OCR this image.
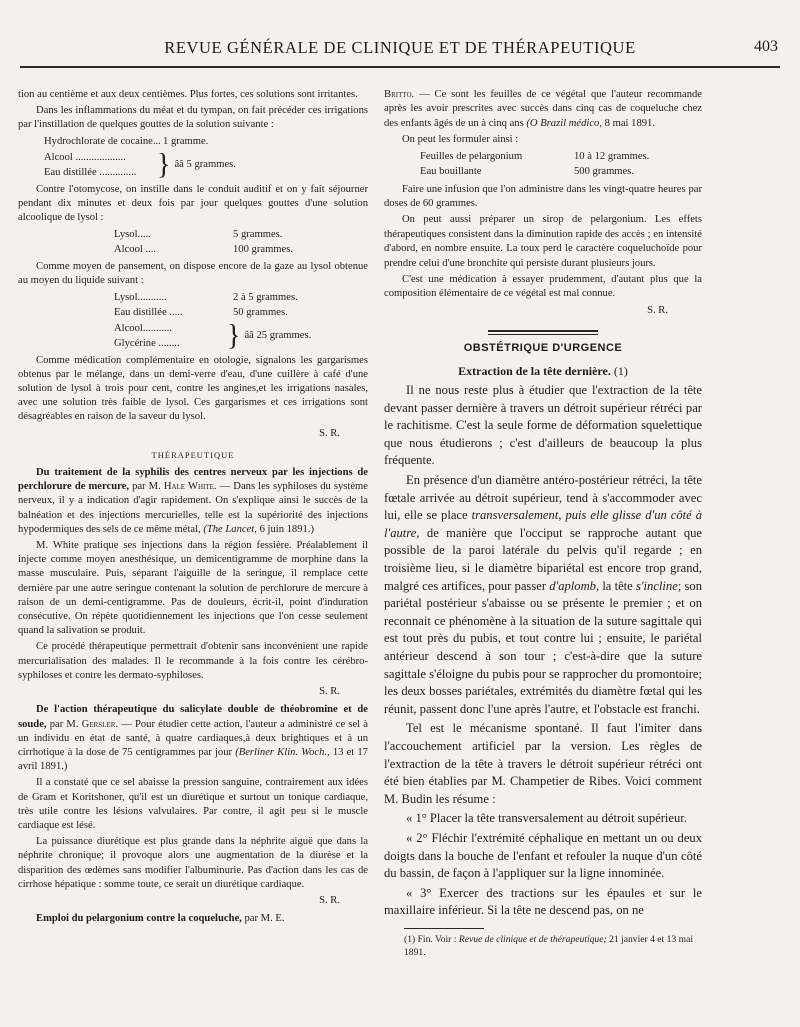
REVUE GÉNÉRALE DE CLINIQUE ET DE THÉRAPEUTIQUE	403

tion au centième et aux deux centièmes. Plus fortes, ces solutions sont irritantes.

Dans les inflammations du méat et du tympan, on fait précéder ces irrigations par l'instillation de quelques gouttes de la solution suivante :

Hydrochlorate de cocaine... 1 gramme.
Alcool ...................
Eau distillée .............. } ââ 5 grammes.

Contre l'otomycose, on instille dans le conduit auditif et on y fait séjourner pendant dix minutes et deux fois par jour quelques gouttes d'une solution alcoolique de lysol :

Lysol.....	5 grammes.
Alcool ....	100 grammes.

Comme moyen de pansement, on dispose encore de la gaze au lysol obtenue au moyen du liquide suivant :

Lysol...........	2 à 5 grammes.
Eau distillée .....	50 grammes.
Alcool...........
Glycérine ........	} ââ 25 grammes.

Comme médication complémentaire en otologie, signalons les gargarismes obtenus par le mélange, dans un demi-verre d'eau, d'une cuillère à café d'une solution de lysol à trois pour cent, contre les angines,et les irrigations nasales, avec une solution très faible de lysol. Ces gargarismes et ces irrigations sont désagréables en raison de la saveur du lysol.

S. R.

THÉRAPEUTIQUE

Du traitement de la syphilis des centres nerveux par les injections de perchlorure de mercure, par M. Hale White. — Dans les syphiloses du système nerveux, il y a indication d'agir rapidement. On s'explique ainsi le succès de la balnéation et des injections mercurielles, telle est la supériorité des injections hypodermiques des sels de ce même métal, (The Lancet, 6 juin 1891.)

M. White pratique ses injections dans la région fessière. Préalablement il injecte comme moyen anesthésique, un demicentigramme de morphine dans la masse musculaire. Puis, séparant l'aiguille de la seringue, il remplace cette dernière par une autre seringue contenant la solution de perchlorure de mercure à raison de un demi-centigramme. Pas de douleurs, écrit-il, point d'induration consécutive. On répète quotidiennement les injections que l'on cesse seulement quand la salivation se produit.

Ce procédé thérapeutique permettrait d'obtenir sans inconvénient une rapide mercurialisation des malades. Il le recommande à la fois contre les cérébro-syphiloses et contre les dermato-syphiloses.

S. R.

De l'action thérapeutique du salicylate double de théobromine et de soude, par M. Gersler. — Pour étudier cette action, l'auteur a administré ce sel à un individu en état de santé, à quatre cardiaques,à deux brightiques et à un cirrhotique à la dose de 75 centigrammes par jour (Berliner Klin. Woch., 13 et 17 avril 1891.)

Il a constaté que ce sel abaisse la pression sanguine, contrairement aux idées de Gram et Koritshoner, qu'il est un diurétique et surtout un tonique cardiaque, très utile contre les lésions valvulaires. Par contre, il agit peu si le muscle cardiaque est lésé.

La puissance diurétique est plus grande dans la néphrite aiguë que dans la néphrite chronique; il provoque alors une augmentation de la diurèse et la disparition des œdèmes sans modifier l'albuminurie. Pas d'action dans les cas de cirrhose hépatique : somme toute, ce serait un diurétique cardiaque.

S. R.

Emploi du pelargonium contre la coqueluche, par M. E.

Britto. — Ce sont les feuilles de ce végétal que l'auteur recommande après les avoir prescrites avec succès dans cinq cas de coqueluche chez des enfants âgés de un à cinq ans (O Brazil médico, 8 mai 1891.

On peut les formuler ainsi :

Feuilles de pelargonium	10 à 12 grammes.
Eau bouillante	500 grammes.

Faire une infusion que l'on administre dans les vingt-quatre heures par doses de 60 grammes.

On peut aussi préparer un sirop de pelargonium. Les effets thérapeutiques consistent dans la diminution rapide des accès ; en intensité d'abord, en nombre ensuite. La toux perd le caractère coqueluchoïde pour prendre celui d'une bronchite qui persiste durant plusieurs jours.

C'est une médication à essayer prudemment, d'autant plus que la composition élémentaire de ce végétal est mal connue.

S. R.

OBSTÉTRIQUE D'URGENCE
Extraction de la tête dernière. (1)

Il ne nous reste plus à étudier que l'extraction de la tête devant passer dernière à travers un détroit supérieur rétréci par le rachitisme. C'est la seule forme de déformation squelettique que nous étudierons ; c'est d'ailleurs de beaucoup la plus fréquente.

En présence d'un diamètre antéro-postérieur rétréci, la tête fœtale arrivée au détroit supérieur, tend à s'accommoder avec lui, elle se place transversalement, puis elle glisse d'un côté à l'autre, de manière que l'occiput se rapproche autant que possible de la paroi latérale du pelvis qu'il regarde ; en troisième lieu, si le diamètre bipariétal est encore trop grand, malgré ces artifices, pour passer d'aplomb, la tête s'incline; son pariétal postérieur s'abaisse ou se présente le premier ; et on reconnait ce phénomène à la situation de la suture sagittale qui est tout près du pubis, et tout contre lui ; ensuite, le pariétal antérieur descend à son tour ; c'est-à-dire que la suture sagittale s'éloigne du pubis pour se rapprocher du promontoire; les deux bosses pariétales, extrémités du diamètre fœtal qui les réunit, passent donc l'une après l'autre, et l'obstacle est franchi.

Tel est le mécanisme spontané. Il faut l'imiter dans l'accouchement artificiel par la version. Les règles de l'extraction de la tête à travers le détroit supérieur rétréci ont été bien établies par M. Champetier de Ribes. Voici comment M. Budin les résume :

« 1° Placer la tête transversalement au détroit supérieur.

« 2° Fléchir l'extrémité céphalique en mettant un ou deux doigts dans la bouche de l'enfant et refouler la nuque d'un côté du bassin, de façon à l'appliquer sur la ligne innominée.

« 3° Exercer des tractions sur les épaules et sur le maxillaire inférieur. Si la tête ne descend pas, on ne

(1) Fin. Voir : Revue de clinique et de thérapeutique; 21 janvier 4 et 13 mai 1891.
